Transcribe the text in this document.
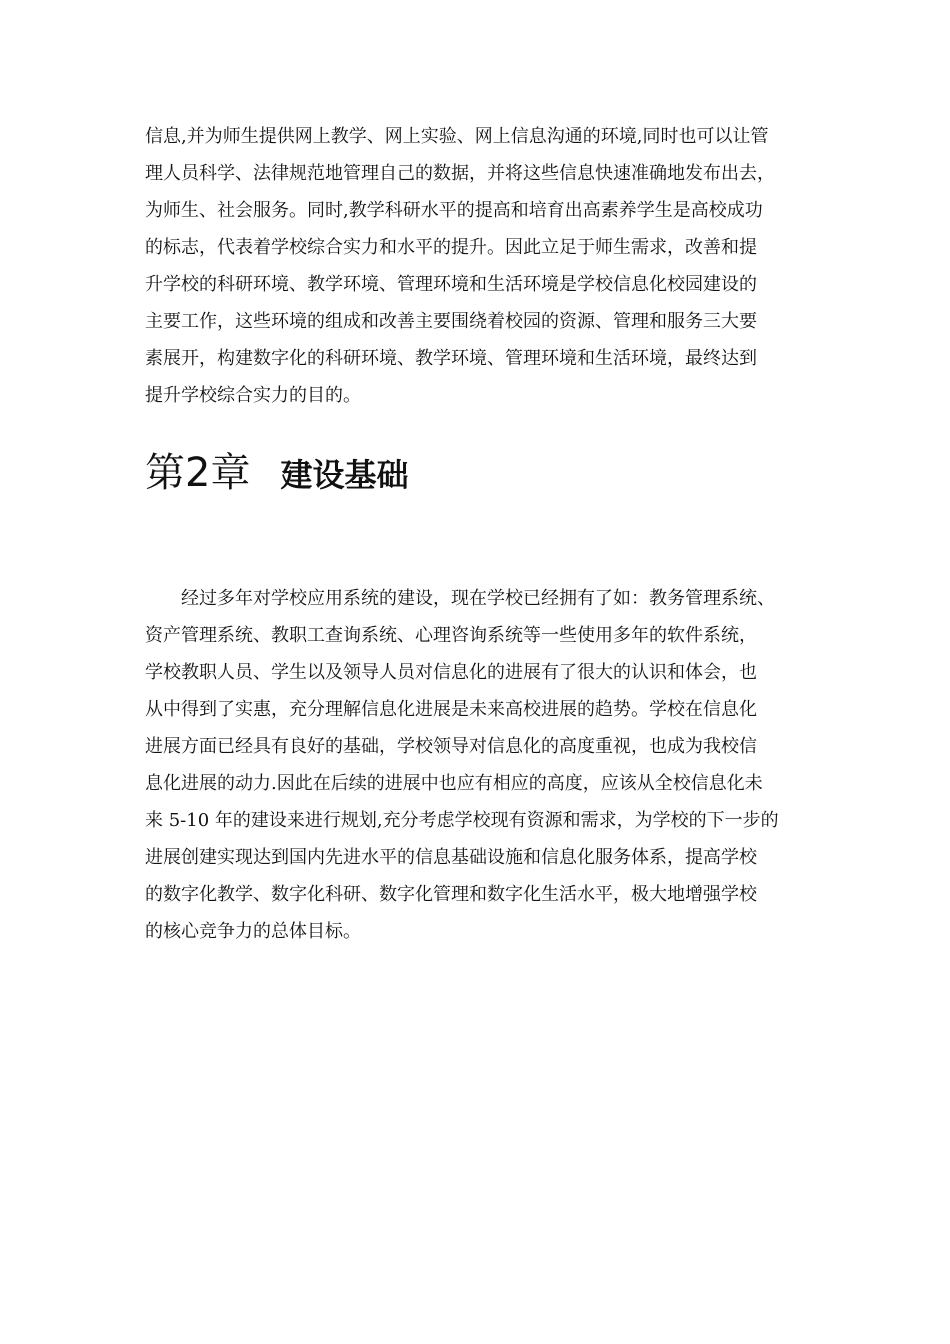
信息,并为师生提供网上教学、网上实验、网上信息沟通的环境,同时也可以让管
理人员科学、法律规范地管理自己的数据，并将这些信息快速准确地发布出去，
为师生、社会服务。同时,教学科研水平的提高和培育出高素养学生是高校成功
的标志，代表着学校综合实力和水平的提升。因此立足于师生需求，改善和提
升学校的科研环境、教学环境、管理环境和生活环境是学校信息化校园建设的
主要工作，这些环境的组成和改善主要围绕着校园的资源、管理和服务三大要
素展开，构建数字化的科研环境、教学环境、管理环境和生活环境，最终达到
提升学校综合实力的目的。
第2章 建设基础
　　经过多年对学校应用系统的建设，现在学校已经拥有了如：教务管理系统、
资产管理系统、教职工查询系统、心理咨询系统等一些使用多年的软件系统，
学校教职人员、学生以及领导人员对信息化的进展有了很大的认识和体会，也
从中得到了实惠，充分理解信息化进展是未来高校进展的趋势。学校在信息化
进展方面已经具有良好的基础，学校领导对信息化的高度重视，也成为我校信
息化进展的动力.因此在后续的进展中也应有相应的高度，应该从全校信息化未
来 5-10 年的建设来进行规划,充分考虑学校现有资源和需求，为学校的下一步的
进展创建实现达到国内先进水平的信息基础设施和信息化服务体系，提高学校
的数字化教学、数字化科研、数字化管理和数字化生活水平，极大地增强学校
的核心竞争力的总体目标。
